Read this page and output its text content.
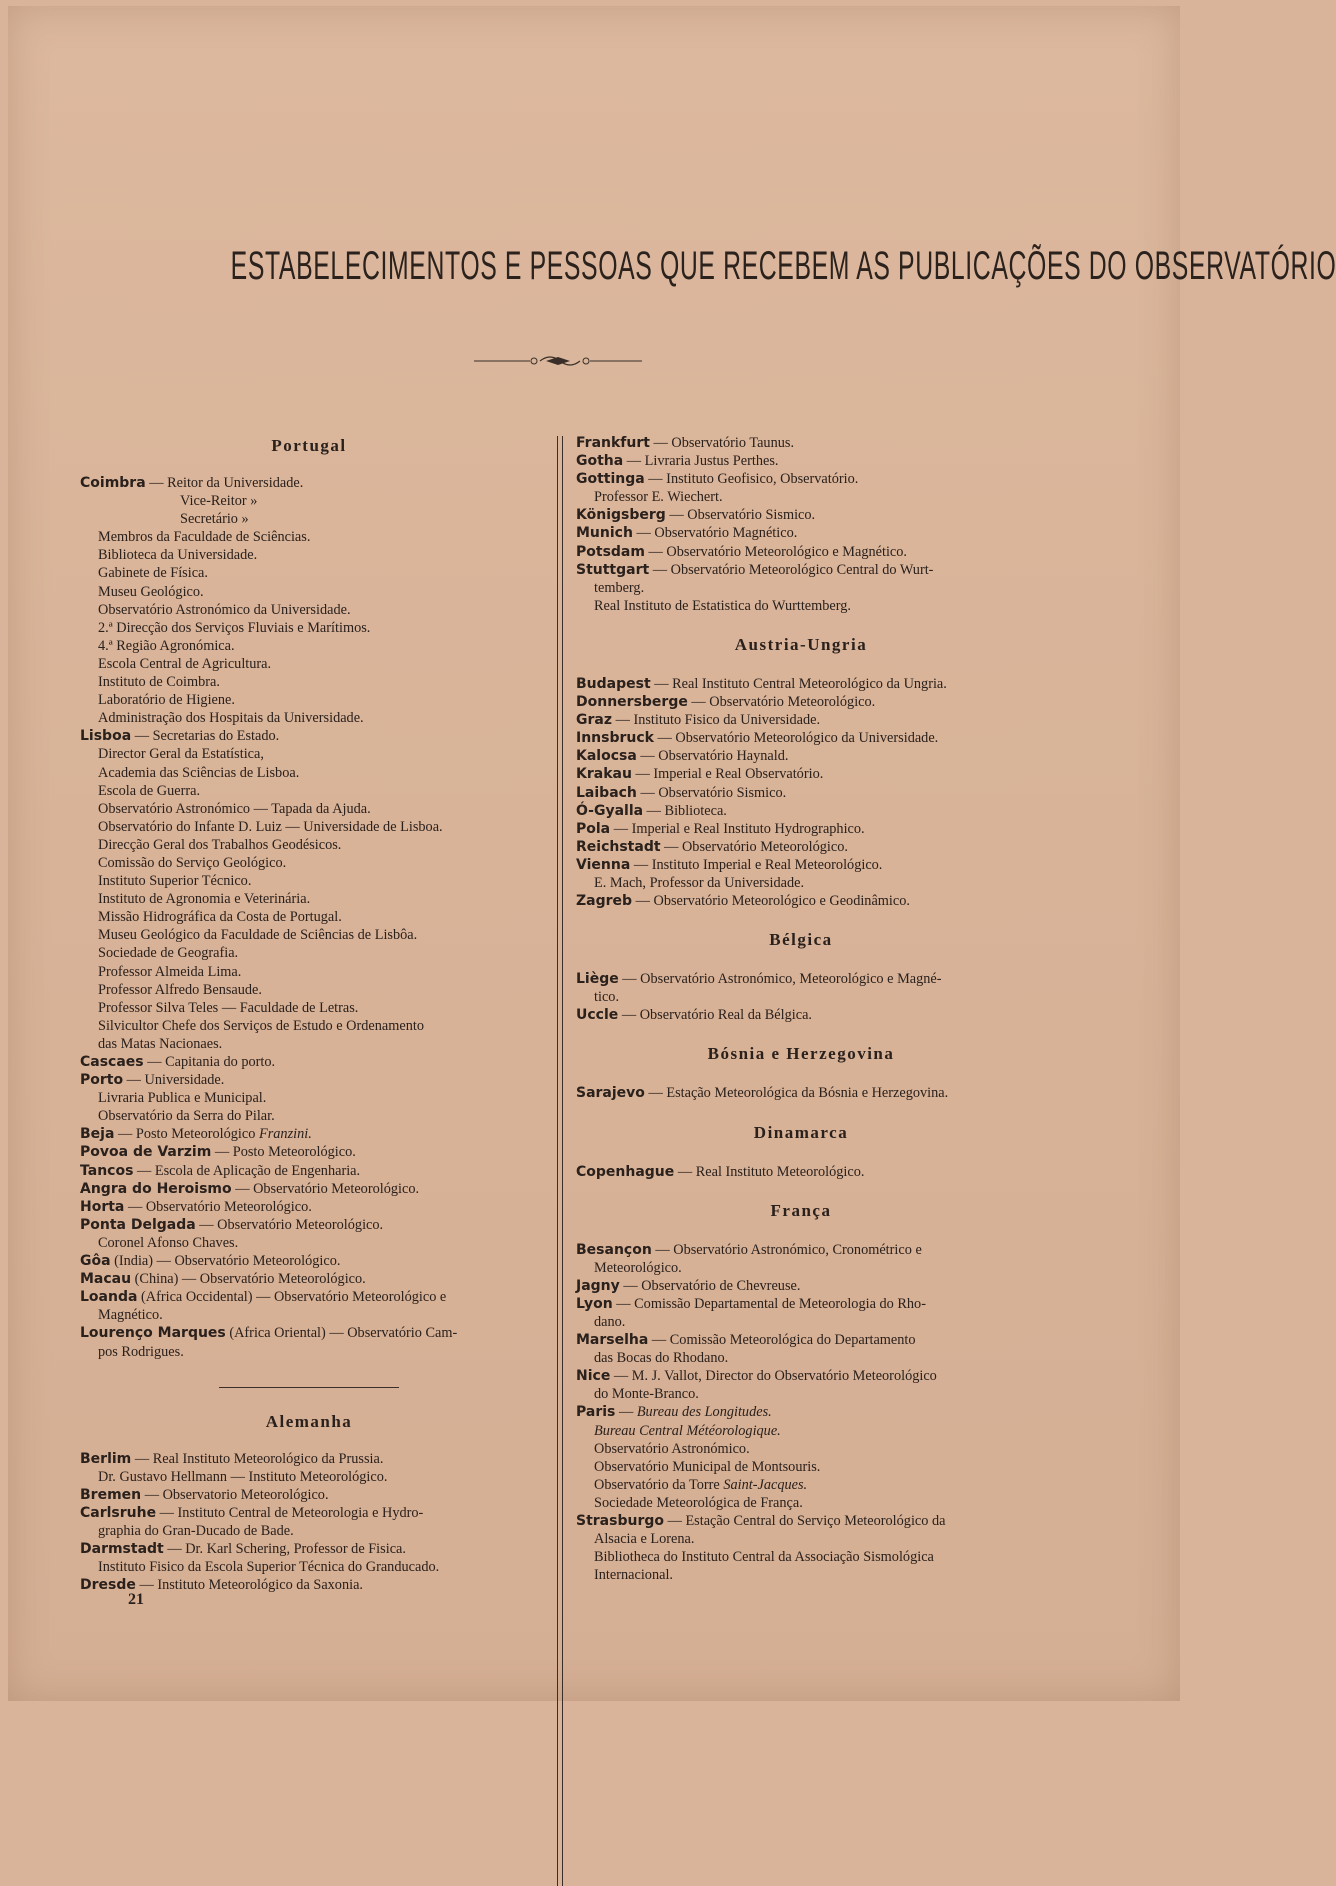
ESTABELECIMENTOS E PESSOAS QUE RECEBEM AS PUBLICAÇÕES DO OBSERVATÓRIO
Portugal
Coimbra — Reitor da Universidade.
Vice-Reitor »
Secretário »
Membros da Faculdade de Sciências.
Biblioteca da Universidade.
Gabinete de Física.
Museu Geológico.
Observatório Astronómico da Universidade.
2.ª Direcção dos Serviços Fluviais e Marítimos.
4.ª Região Agronómica.
Escola Central de Agricultura.
Instituto de Coimbra.
Laboratório de Higiene.
Administração dos Hospitais da Universidade.
Lisboa — Secretarias do Estado.
Director Geral da Estatística,
Academia das Sciências de Lisboa.
Escola de Guerra.
Observatório Astronómico — Tapada da Ajuda.
Observatório do Infante D. Luiz — Universidade de Lisboa.
Direcção Geral dos Trabalhos Geodésicos.
Comissão do Serviço Geológico.
Instituto Superior Técnico.
Instituto de Agronomia e Veterinária.
Missão Hidrográfica da Costa de Portugal.
Museu Geológico da Faculdade de Sciências de Lisbôa.
Sociedade de Geografia.
Professor Almeida Lima.
Professor Alfredo Bensaude.
Professor Silva Teles — Faculdade de Letras.
Silvicultor Chefe dos Serviços de Estudo e Ordenamento
das Matas Nacionaes.
Cascaes — Capitania do porto.
Porto — Universidade.
Livraria Publica e Municipal.
Observatório da Serra do Pilar.
Beja — Posto Meteorológico Franzini.
Povoa de Varzim — Posto Meteorológico.
Tancos — Escola de Aplicação de Engenharia.
Angra do Heroismo — Observatório Meteorológico.
Horta — Observatório Meteorológico.
Ponta Delgada — Observatório Meteorológico.
Coronel Afonso Chaves.
Gôa (India) — Observatório Meteorológico.
Macau (China) — Observatório Meteorológico.
Loanda (Africa Occidental) — Observatório Meteorológico e
Magnético.
Lourenço Marques (Africa Oriental) — Observatório Cam-
pos Rodrigues.
Alemanha
Berlim — Real Instituto Meteorológico da Prussia.
Dr. Gustavo Hellmann — Instituto Meteorológico.
Bremen — Observatorio Meteorológico.
Carlsruhe — Instituto Central de Meteorologia e Hydro-
graphia do Gran-Ducado de Bade.
Darmstadt — Dr. Karl Schering, Professor de Fisica.
Instituto Fisico da Escola Superior Técnica do Granducado.
Dresde — Instituto Meteorológico da Saxonia.
Frankfurt — Observatório Taunus.
Gotha — Livraria Justus Perthes.
Gottinga — Instituto Geofisico, Observatório.
Professor E. Wiechert.
Königsberg — Observatório Sismico.
Munich — Observatório Magnético.
Potsdam — Observatório Meteorológico e Magnético.
Stuttgart — Observatório Meteorológico Central do Wurt-
temberg.
Real Instituto de Estatistica do Wurttemberg.
Austria-Ungria
Budapest — Real Instituto Central Meteorológico da Ungria.
Donnersberge — Observatório Meteorológico.
Graz — Instituto Fisico da Universidade.
Innsbruck — Observatório Meteorológico da Universidade.
Kalocsa — Observatório Haynald.
Krakau — Imperial e Real Observatório.
Laibach — Observatório Sismico.
Ó-Gyalla — Biblioteca.
Pola — Imperial e Real Instituto Hydrographico.
Reichstadt — Observatório Meteorológico.
Vienna — Instituto Imperial e Real Meteorológico.
E. Mach, Professor da Universidade.
Zagreb — Observatório Meteorológico e Geodinâmico.
Bélgica
Liège — Observatório Astronómico, Meteorológico e Magné-
tico.
Uccle — Observatório Real da Bélgica.
Bósnia e Herzegovina
Sarajevo — Estação Meteorológica da Bósnia e Herzegovina.
Dinamarca
Copenhague — Real Instituto Meteorológico.
França
Besançon — Observatório Astronómico, Cronométrico e
Meteorológico.
Jagny — Observatório de Chevreuse.
Lyon — Comissão Departamental de Meteorologia do Rho-
dano.
Marselha — Comissão Meteorológica do Departamento
das Bocas do Rhodano.
Nice — M. J. Vallot, Director do Observatório Meteorológico
do Monte-Branco.
Paris — Bureau des Longitudes.
Bureau Central Météorologique.
Observatório Astronómico.
Observatório Municipal de Montsouris.
Observatório da Torre Saint-Jacques.
Sociedade Meteorológica de França.
Strasburgo — Estação Central do Serviço Meteorológico da
Alsacia e Lorena.
Bibliotheca do Instituto Central da Associação Sismológica
Internacional.
21
